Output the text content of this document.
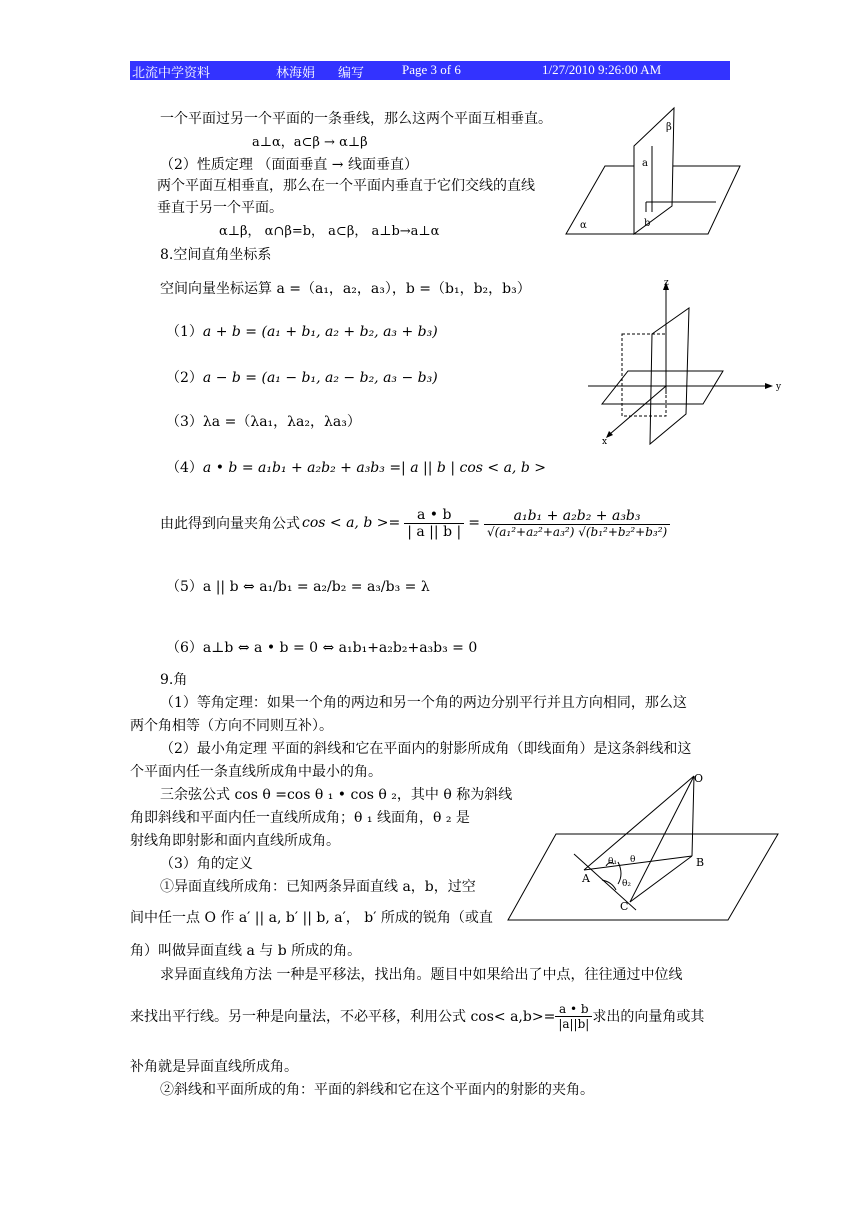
北流中学资料	林海娟 编写	Page 3 of 6	1/27/2010 9:26:00 AM
一个平面过另一个平面的一条垂线，那么这两个平面互相垂直。
a⊥α，a⊂β → α⊥β
（2）性质定理 （面面垂直 → 线面垂直）
两个平面互相垂直，那么在一个平面内垂直于它们交线的直线
垂直于另一个平面。
α⊥β， α∩β=b， a⊂β， a⊥b→a⊥α
β
a
b
α
8.空间直角坐标系
空间向量坐标运算 a =（a₁，a₂，a₃），b =（b₁，b₂，b₃）
（1）a + b = (a₁ + b₁, a₂ + b₂, a₃ + b₃)
（2）a − b = (a₁ − b₁, a₂ − b₂, a₃ − b₃)
（3）λa =（λa₁，λa₂，λa₃）
（4）a • b = a₁b₁ + a₂b₂ + a₃b₃ =| a || b | cos < a, b >
由此得到向量夹角公式 cos < a, $b >= \frac{a • b}{| a || b |} = \frac{\text{a₁b₁ + a₂b₂ + a₃b₃}}{\text{√(a₁²+a₂²+a₃²) √(b₁²+b₂²+b₃²)}}$
（5）a || b ⇔ a₁/b₁ = a₂/b₂ = a₃/b₃ = λ
（6）a⊥b ⇔ a • b = 0 ⇔ a₁b₁+a₂b₂+a₃b₃ = 0
z
y
x
9.角
（1）等角定理：如果一个角的两边和另一个角的两边分别平行并且方向相同，那么这
两个角相等（方向不同则互补）。
（2）最小角定理 平面的斜线和它在平面内的射影所成角（即线面角）是这条斜线和这
个平面内任一条直线所成角中最小的角。
三余弦公式 cos θ =cos θ ₁ • cos θ ₂，其中 θ 称为斜线
角即斜线和平面内任一直线所成角；θ ₁ 线面角，θ ₂ 是
射线角即射影和面内直线所成角。
（3）角的定义
①异面直线所成角：已知两条异面直线 a，b，过空
间中任一点 O 作 a′ || a, b′ || b, a′， b′ 所成的锐角（或直
角）叫做异面直线 a 与 b 所成的角。
求异面直线角方法 一种是平移法，找出角。题目中如果给出了中点，往往通过中位线
来找出平行线。另一种是向量法，不必平移，利用公式 $\cos< a,b>= \frac{a • b}{|a||b|}$ 求出的向量角或其
补角就是异面直线所成角。
②斜线和平面所成的角：平面的斜线和它在这个平面内的射影的夹角。
O
A
B
C
θ
θ₁
θ₂
